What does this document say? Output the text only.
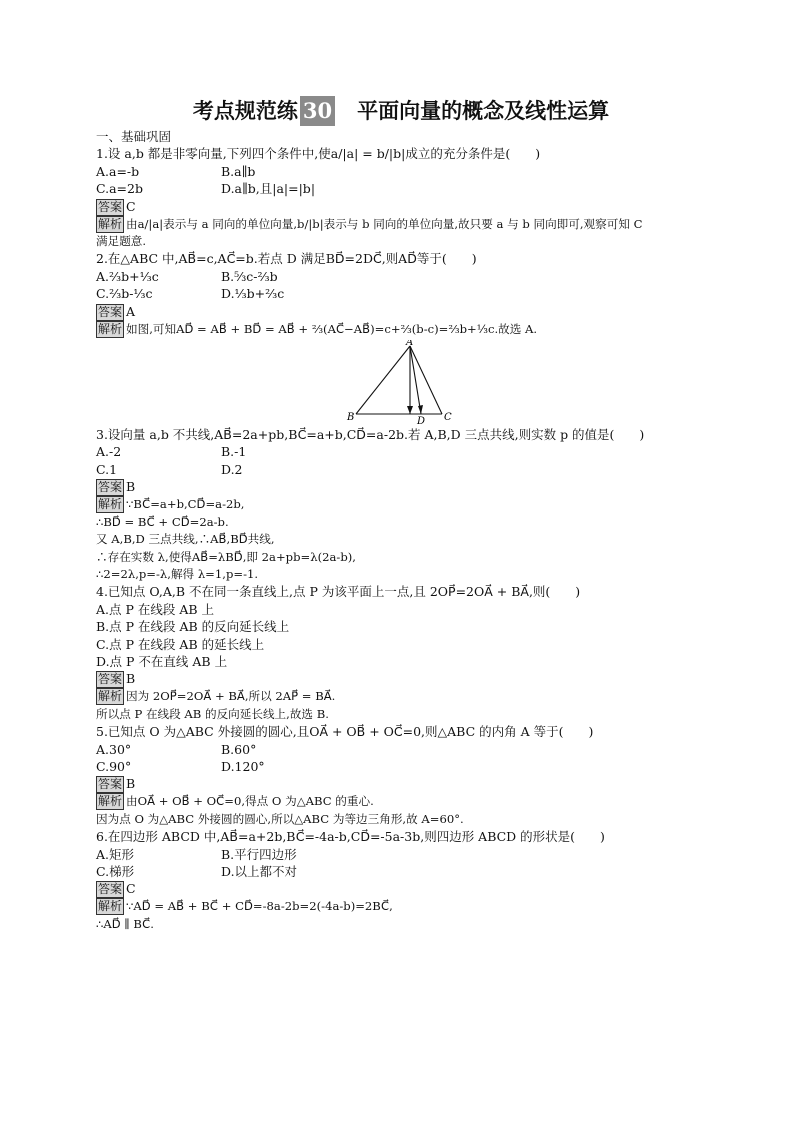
考点规范练 30 平面向量的概念及线性运算
一、基础巩固
1.设 a,b 都是非零向量,下列四个条件中,使a/|a| = b/|b|成立的充分条件是(　　)
A.a=-b	B.a∥b
C.a=2b	D.a∥b,且|a|=|b|
答案 C
解析 由a/|a|表示与 a 同向的单位向量,b/|b|表示与 b 同向的单位向量,故只要 a 与 b 同向即可,观察可知 C
满足题意.
2.在△ABC 中,AB⃗=c,AC⃗=b.若点 D 满足BD⃗=2DC⃗,则AD⃗等于(　　)
A.⅔b+⅓c	B.⁵⁄₃c-⅔b
C.⅔b-⅓c	D.⅓b+⅔c
答案 A
解析 如图,可知AD⃗ = AB⃗ + BD⃗ = AB⃗ + ⅔(AC⃗−AB⃗)=c+⅔(b-c)=⅔b+⅓c.故选 A.
A
B	C
D
3.设向量 a,b 不共线,AB⃗=2a+pb,BC⃗=a+b,CD⃗=a-2b.若 A,B,D 三点共线,则实数 p 的值是(　　)
A.-2	B.-1
C.1	D.2
答案 B
解析 ∵BC⃗=a+b,CD⃗=a-2b,
∴BD⃗ = BC⃗ + CD⃗=2a-b.
又 A,B,D 三点共线,∴AB⃗,BD⃗共线,
∴存在实数 λ,使得AB⃗=λBD⃗,即 2a+pb=λ(2a-b),
∴2=2λ,p=-λ,解得 λ=1,p=-1.
4.已知点 O,A,B 不在同一条直线上,点 P 为该平面上一点,且 2OP⃗=2OA⃗ + BA⃗,则(　　)
A.点 P 在线段 AB 上
B.点 P 在线段 AB 的反向延长线上
C.点 P 在线段 AB 的延长线上
D.点 P 不在直线 AB 上
答案 B
解析 因为 2OP⃗=2OA⃗ + BA⃗,所以 2AP⃗ = BA⃗.
所以点 P 在线段 AB 的反向延长线上,故选 B.
5.已知点 O 为△ABC 外接圆的圆心,且OA⃗ + OB⃗ + OC⃗=0,则△ABC 的内角 A 等于(　　)
A.30°	B.60°
C.90°	D.120°
答案 B
解析 由OA⃗ + OB⃗ + OC⃗=0,得点 O 为△ABC 的重心.
因为点 O 为△ABC 外接圆的圆心,所以△ABC 为等边三角形,故 A=60°.
6.在四边形 ABCD 中,AB⃗=a+2b,BC⃗=-4a-b,CD⃗=-5a-3b,则四边形 ABCD 的形状是(　　)
A.矩形	B.平行四边形
C.梯形	D.以上都不对
答案 C
解析 ∵AD⃗ = AB⃗ + BC⃗ + CD⃗=-8a-2b=2(-4a-b)=2BC⃗,
∴AD⃗ ∥ BC⃗.
